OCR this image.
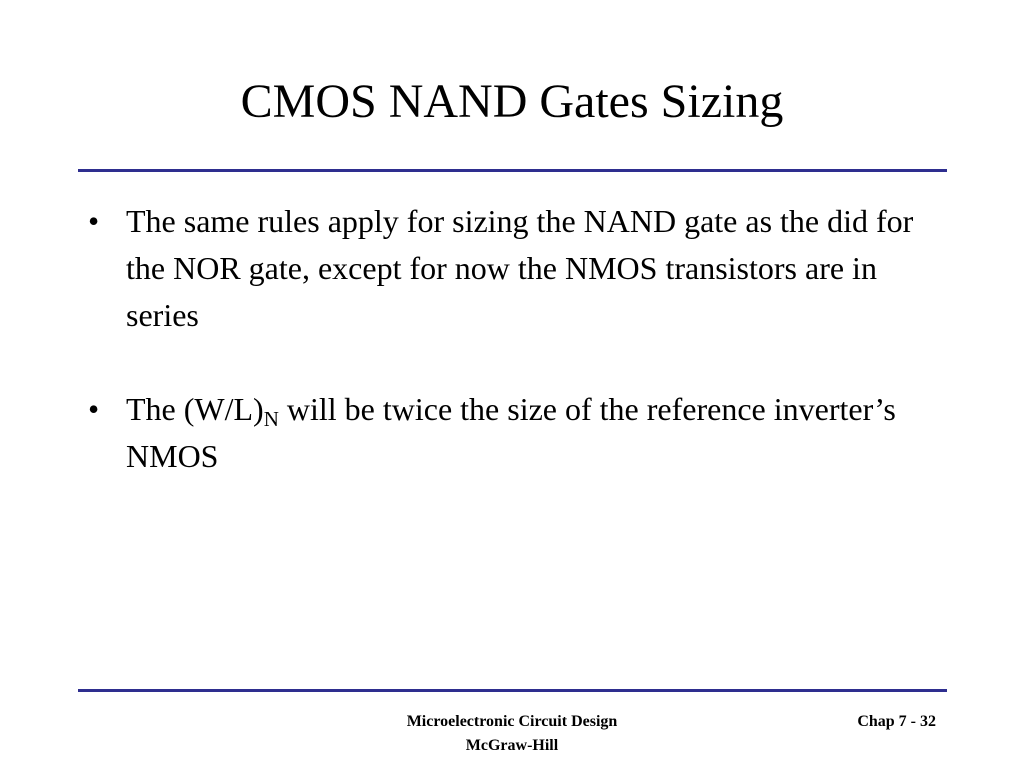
CMOS NAND Gates Sizing
• The same rules apply for sizing the NAND gate as the did for the NOR gate, except for now the NMOS transistors are in series
• The $(W/L)_N$ will be twice the size of the reference inverter’s NMOS
Microelectronic Circuit Design
McGraw-Hill
Chap 7 - 32
